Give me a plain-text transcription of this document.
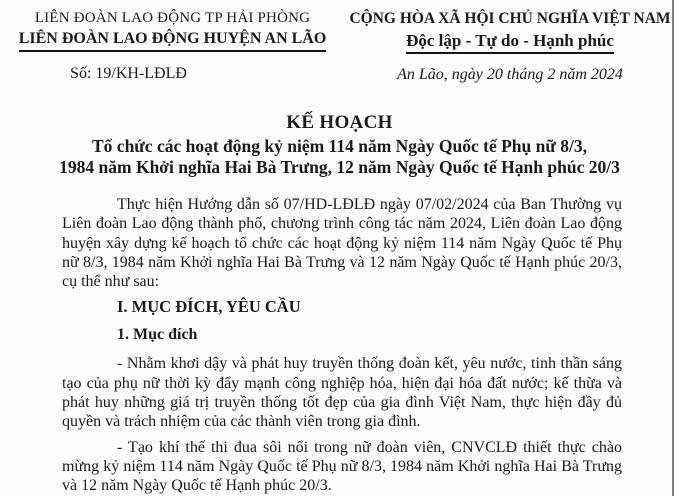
LIÊN ĐOÀN LAO ĐỘNG TP HẢI PHÒNG
LIÊN ĐOÀN LAO ĐỘNG HUYỆN AN LÃO
Số: 19/KH-LĐLĐ
CỘNG HÒA XÃ HỘI CHỦ NGHĨA VIỆT NAM
Độc lập - Tự do - Hạnh phúc
An Lão, ngày 20 tháng 2 năm 2024
KẾ HOẠCH
Tổ chức các hoạt động kỷ niệm 114 năm Ngày Quốc tế Phụ nữ 8/3,
1984 năm Khởi nghĩa Hai Bà Trưng, 12 năm Ngày Quốc tế Hạnh phúc 20/3

Thực hiện Hướng dẫn số 07/HD-LĐLĐ ngày 07/02/2024 của Ban Thường vụ Liên đoàn Lao động thành phố, chương trình công tác năm 2024, Liên đoàn Lao động huyện xây dựng kế hoạch tổ chức các hoạt động kỷ niệm 114 năm Ngày Quốc tế Phụ nữ 8/3, 1984 năm Khởi nghĩa Hai Bà Trưng và 12 năm Ngày Quốc tế Hạnh phúc 20/3, cụ thể như sau:

I. MỤC ĐÍCH, YÊU CẦU
1. Mục đích

- Nhằm khơi dậy và phát huy truyền thống đoàn kết, yêu nước, tinh thần sáng tạo của phụ nữ thời kỳ đẩy mạnh công nghiệp hóa, hiện đại hóa đất nước; kế thừa và phát huy những giá trị truyền thống tốt đẹp của gia đình Việt Nam, thực hiện đầy đủ quyền và trách nhiệm của các thành viên trong gia đình.

- Tạo khí thế thi đua sôi nổi trong nữ đoàn viên, CNVCLĐ thiết thực chào mừng kỷ niệm 114 năm Ngày Quốc tế Phụ nữ 8/3, 1984 năm Khởi nghĩa Hai Bà Trưng và 12 năm Ngày Quốc tế Hạnh phúc 20/3.
